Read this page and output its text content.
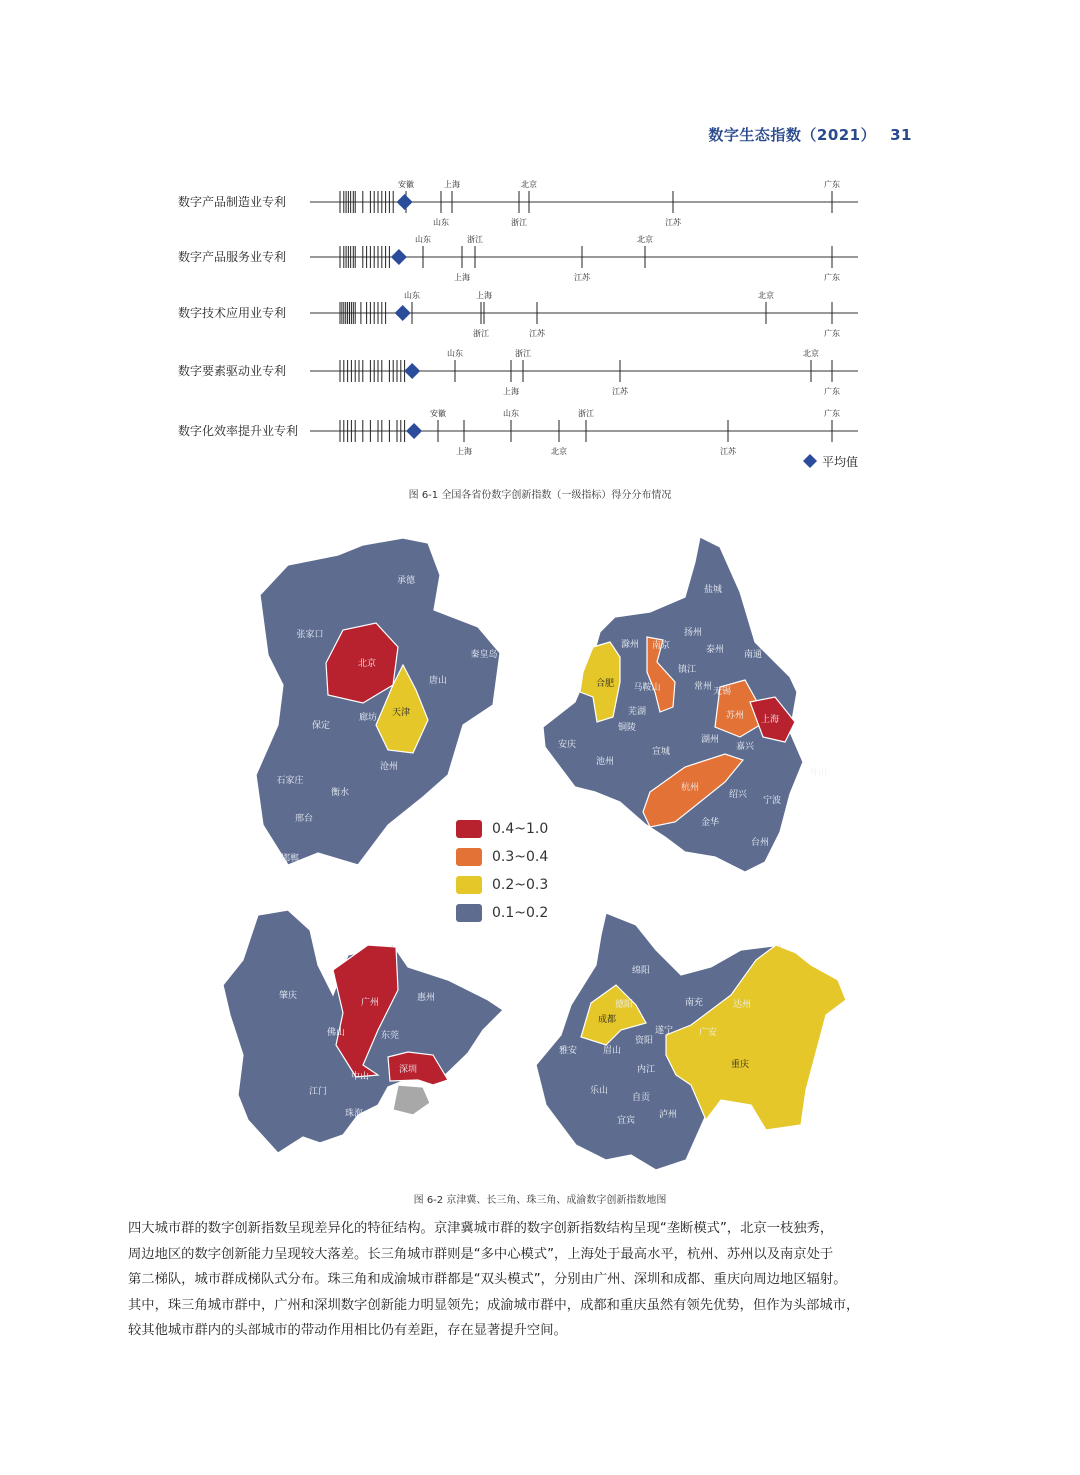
数字生态指数（2021） 31
数字产品制造业专利
安徽	上海	北京	广东
山东	浙江	江苏
数字产品服务业专利
山东	浙江	北京
上海	江苏	广东
数字技术应用业专利
山东	上海	北京
浙江	江苏	广东
数字要素驱动业专利
山东	浙江	北京
上海	江苏	广东
数字化效率提升业专利
安徽	山东	浙江	广东
上海	北京	江苏
平均值
图 6-1 全国各省份数字创新指数（一级指标）得分分布情况
承德
张家口
北京
秦皇岛
唐山
天津
廊坊
保定
沧州
石家庄
衡水
邢台
邯郸
盐城
滁州
扬州
泰州
南京
镇江
南通
合肥 马鞍山	常州 无锡
苏州 上海
芜湖
铜陵
宣城
湖州
嘉兴
安庆
池州
杭州
舟山
绍兴
宁波
金华
台州
0.4~1.0
0.3~0.4
0.2~0.3
0.1~0.2
肇庆
广州	惠州
东莞
佛山
深圳
中山
江门
珠海
绵阳
德阳	南充	达州
成都
遂宁	广安
眉山
资阳
雅安
内江	重庆
乐山
自贡
宜宾
泸州
图 6-2 京津冀、长三角、珠三角、成渝数字创新指数地图

四大城市群的数字创新指数呈现差异化的特征结构。京津冀城市群的数字创新指数结构呈现“垄断模式”，北京一枝独秀，

周边地区的数字创新能力呈现较大落差。长三角城市群则是“多中心模式”，上海处于最高水平，杭州、苏州以及南京处于

第二梯队，城市群成梯队式分布。珠三角和成渝城市群都是“双头模式”，分别由广州、深圳和成都、重庆向周边地区辐射。

其中，珠三角城市群中，广州和深圳数字创新能力明显领先；成渝城市群中，成都和重庆虽然有领先优势，但作为头部城市，

较其他城市群内的头部城市的带动作用相比仍有差距，存在显著提升空间。
